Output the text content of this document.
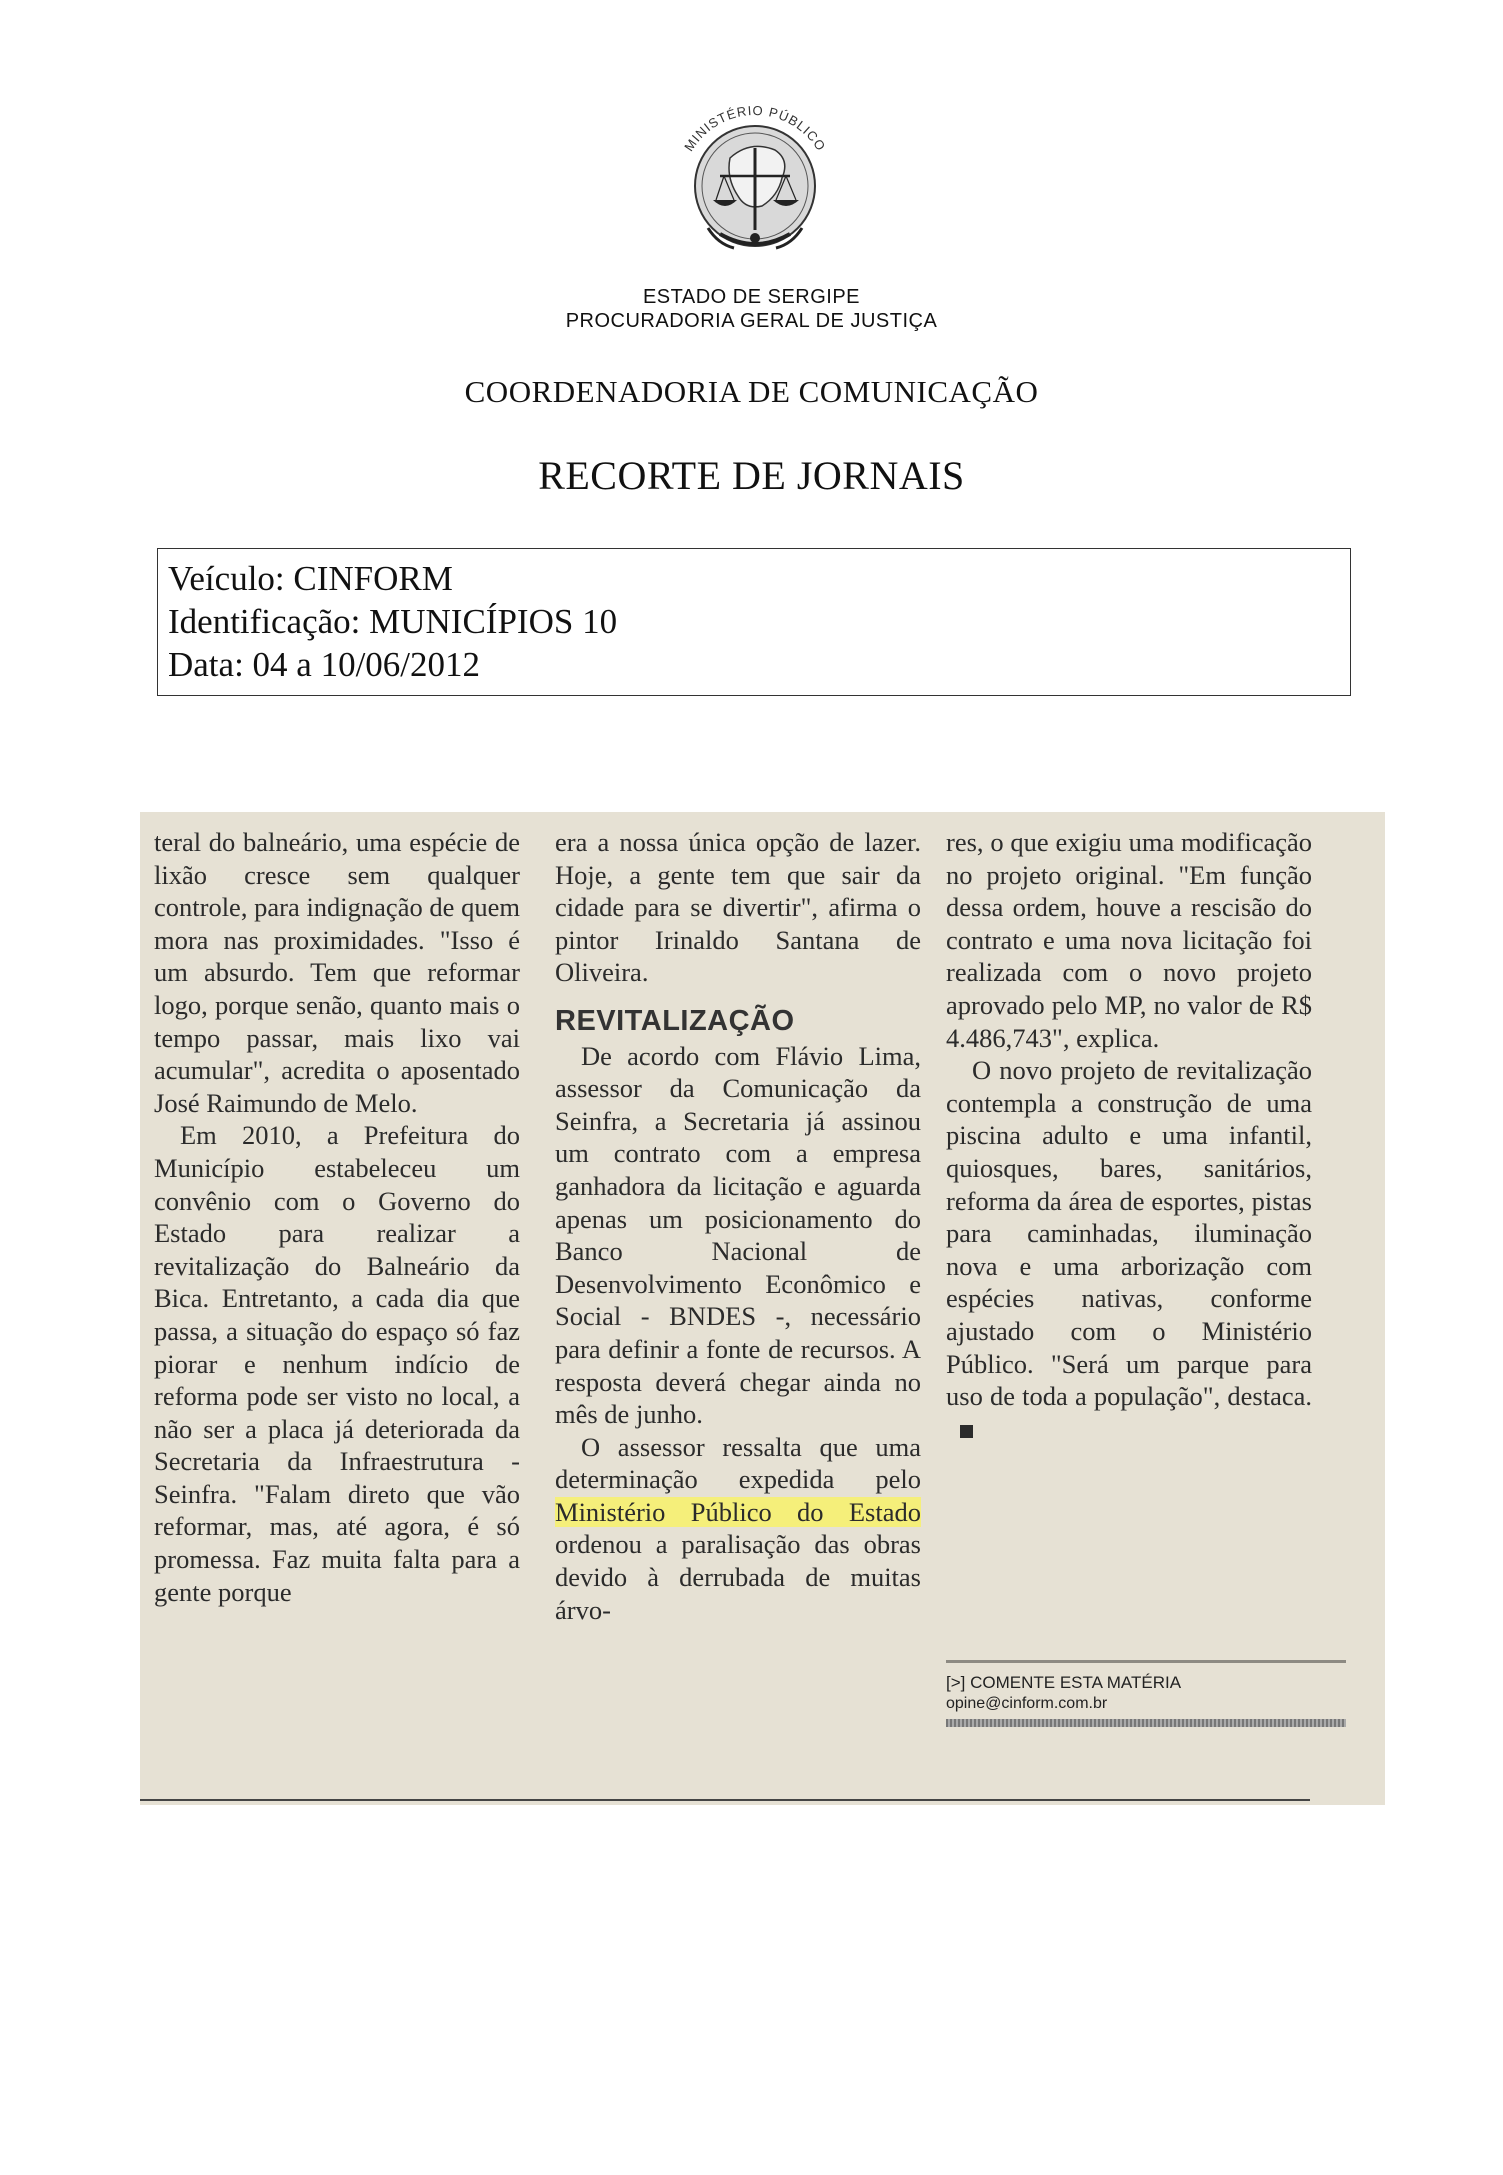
MINISTÉRIO PÚBLICO
ESTADO DE SERGIPE
PROCURADORIA GERAL DE JUSTIÇA
COORDENADORIA DE COMUNICAÇÃO
RECORTE DE JORNAIS
Veículo: CINFORM
Identificação: MUNICÍPIOS 10
Data: 04 a 10/06/2012

teral do balneário, uma espécie de lixão cresce sem qualquer controle, para indignação de quem mora nas proximidades. "Isso é um absurdo. Tem que reformar logo, porque senão, quanto mais o tempo passar, mais lixo vai acumular", acredita o aposentado José Raimundo de Melo.

Em 2010, a Prefeitura do Município estabeleceu um convênio com o Governo do Estado para realizar a revitalização do Balneário da Bica. Entretanto, a cada dia que passa, a situação do espaço só faz piorar e nenhum indício de reforma pode ser visto no local, a não ser a placa já deteriorada da Secretaria da Infraestrutura - Seinfra. "Falam direto que vão reformar, mas, até agora, é só promessa. Faz muita falta para a gente porque

era a nossa única opção de lazer. Hoje, a gente tem que sair da cidade para se divertir", afirma o pintor Irinaldo Santana de Oliveira.

REVITALIZAÇÃO

De acordo com Flávio Lima, assessor da Comunicação da Seinfra, a Secretaria já assinou um contrato com a empresa ganhadora da licitação e aguarda apenas um posicionamento do Banco Nacional de Desenvolvimento Econômico e Social - BNDES -, necessário para definir a fonte de recursos. A resposta deverá chegar ainda no mês de junho.

O assessor ressalta que uma determinação expedida pelo Ministério Público do Estado ordenou a paralisação das obras devido à derrubada de muitas árvo-

res, o que exigiu uma modificação no projeto original. "Em função dessa ordem, houve a rescisão do contrato e uma nova licitação foi realizada com o novo projeto aprovado pelo MP, no valor de R$ 4.486,743", explica.

O novo projeto de revitalização contempla a construção de uma piscina adulto e uma infantil, quiosques, bares, sanitários, reforma da área de esportes, pistas para caminhadas, iluminação nova e uma arborização com espécies nativas, conforme ajustado com o Ministério Público. "Será um parque para uso de toda a população", destaca.

[>] COMENTE ESTA MATÉRIA
opine@cinform.com.br
